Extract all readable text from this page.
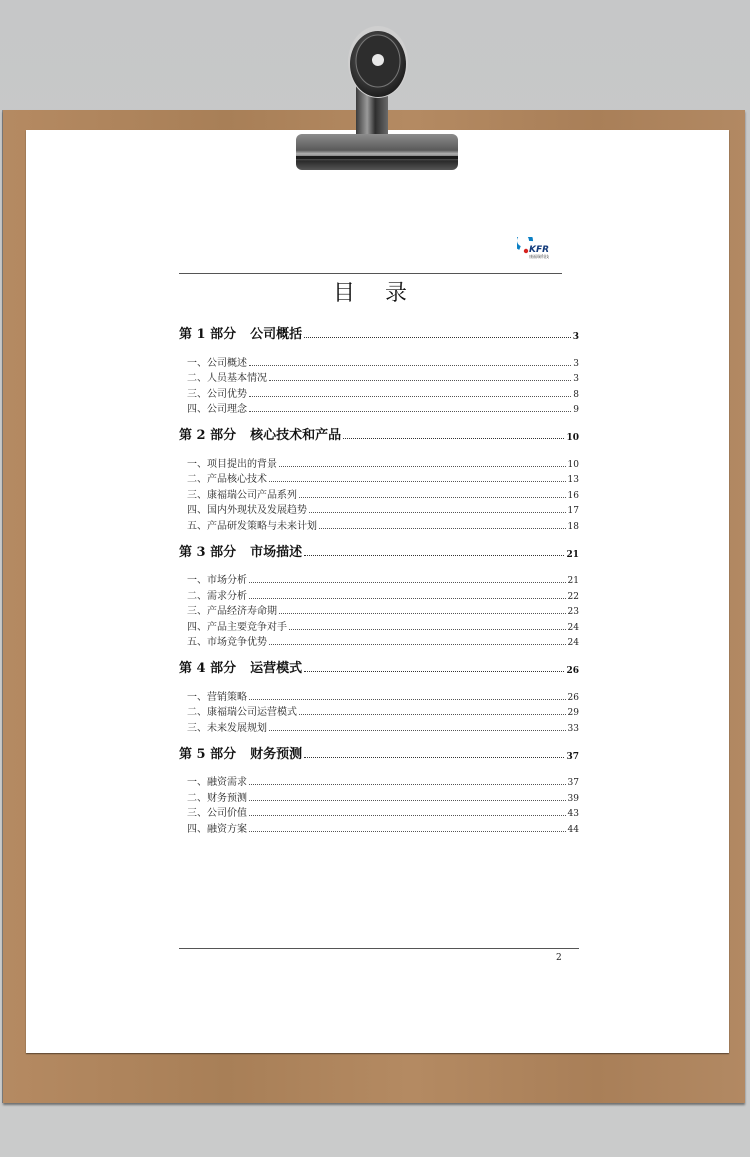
KFR
康福瑞科技
目录
第 1 部分 公司概括	3
一、公司概述	3
二、人员基本情况	3
三、公司优势	8
四、公司理念	9
第 2 部分 核心技术和产品	10
一、项目提出的背景	10
二、产品核心技术	13
三、康福瑞公司产品系列	16
四、国内外现状及发展趋势	17
五、产品研发策略与未来计划	18
第 3 部分 市场描述	21
一、市场分析	21
二、需求分析	22
三、产品经济寿命期	23
四、产品主要竞争对手	24
五、市场竞争优势	24
第 4 部分 运营模式	26
一、营销策略	26
二、康福瑞公司运营模式	29
三、未来发展规划	33
第 5 部分 财务预测	37
一、融资需求	37
二、财务预测	39
三、公司价值	43
四、融资方案	44
2
